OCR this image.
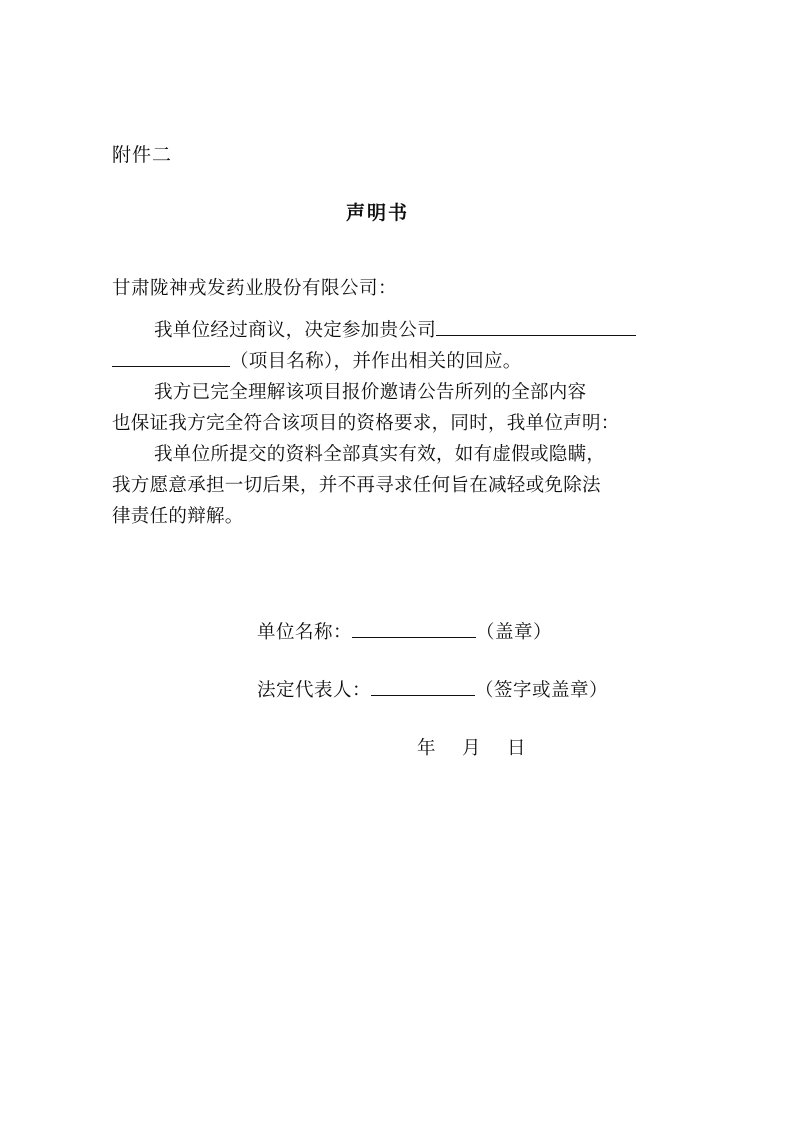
附件二

声明书

甘肃陇神戎发药业股份有限公司：

我单位经过商议，决定参加贵公司
（项目名称），并作出相关的回应。

我方已完全理解该项目报价邀请公告所列的全部内容
也保证我方完全符合该项目的资格要求，同时，我单位声明：

我单位所提交的资料全部真实有效，如有虚假或隐瞒，
我方愿意承担一切后果，并不再寻求任何旨在减轻或免除法
律责任的辩解。

单位名称：	（盖章）

法定代表人：	（签字或盖章）

年 月 日
